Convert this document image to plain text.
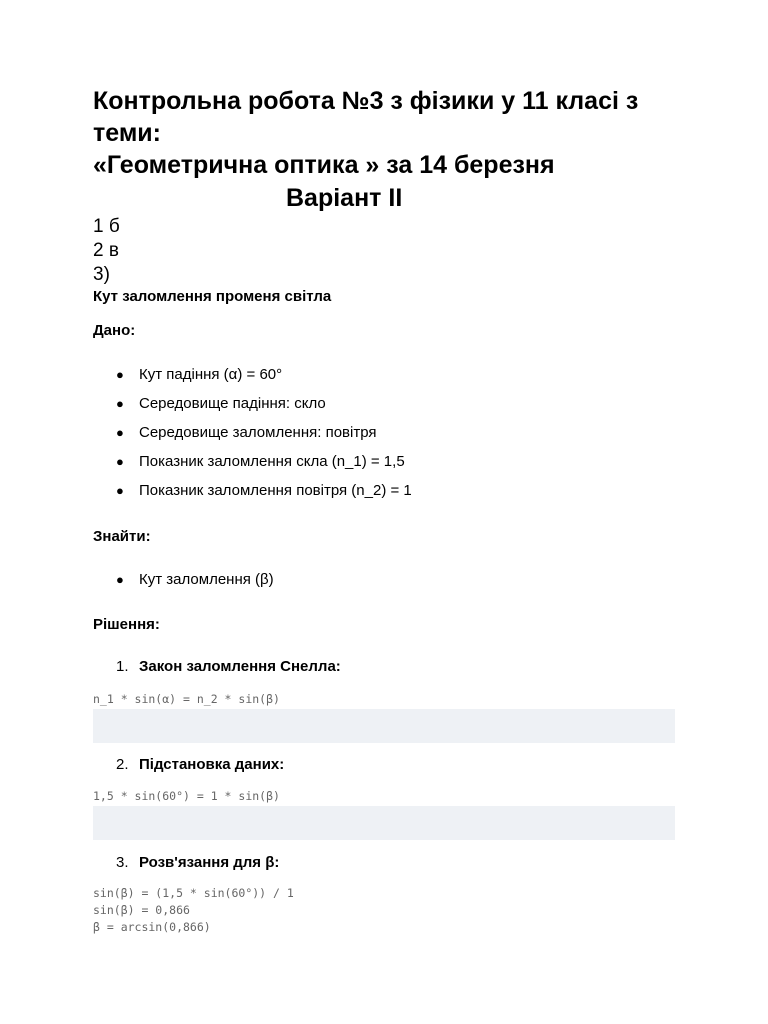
Контрольна робота №3 з фізики у 11 класі з
теми:
«Геометрична оптика » за 14 березня
Варіант II
1 б
2 в
3)
Кут заломлення променя світла
Дано:
● Кут падіння (α) = 60°
● Середовище падіння: скло
● Середовище заломлення: повітря
● Показник заломлення скла (n_1) = 1,5
● Показник заломлення повітря (n_2) = 1
Знайти:
● Кут заломлення (β)
Рішення:
1. Закон заломлення Снелла:
n_1 * sin(α) = n_2 * sin(β)
2. Підстановка даних:
1,5 * sin(60°) = 1 * sin(β)
3. Розв'язання для β:
sin(β) = (1,5 * sin(60°)) / 1
sin(β) = 0,866
β = arcsin(0,866)
